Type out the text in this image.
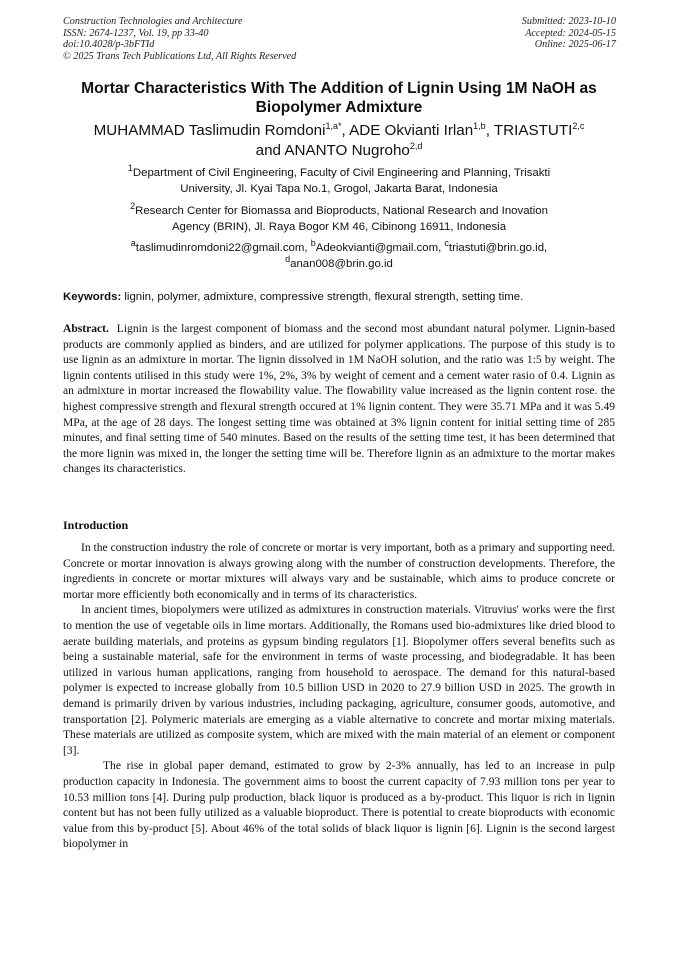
Construction Technologies and Architecture
ISSN: 2674-1237, Vol. 19, pp 33-40
doi:10.4028/p-3bFTId
© 2025 Trans Tech Publications Ltd, All Rights Reserved
Submitted: 2023-10-10
Accepted: 2024-05-15
Online: 2025-06-17
Mortar Characteristics With The Addition of Lignin Using 1M NaOH as
Biopolymer Admixture
MUHAMMAD Taslimudin Romdoni$^{1,a*}$, ADE Okvianti Irlan$^{1,b}$, TRIASTUTI$^{2,c}$
and ANANTO Nugroho$^{2,d}$
$^1$Department of Civil Engineering, Faculty of Civil Engineering and Planning, Trisakti
University, Jl. Kyai Tapa No.1, Grogol, Jakarta Barat, Indonesia
$^2$Research Center for Biomassa and Bioproducts, National Research and Inovation
Agency (BRIN), Jl. Raya Bogor KM 46, Cibinong 16911, Indonesia
$^a$taslimudinromdoni22@gmail.com, $^b$Adeokvianti@gmail.com, $^c$triastuti@brin.go.id,
$^d$anan008@brin.go.id
Keywords: lignin, polymer, admixture, compressive strength, flexural strength, setting time.
Abstract. Lignin is the largest component of biomass and the second most abundant natural polymer. Lignin-based products are commonly applied as binders, and are utilized for polymer applications. The purpose of this study is to use lignin as an admixture in mortar. The lignin dissolved in 1M NaOH solution, and the ratio was 1:5 by weight. The lignin contents utilised in this study were 1%, 2%, 3% by weight of cement and a cement water rasio of 0.4. Lignin as an admixture in mortar increased the flowability value. The flowability value increased as the lignin content rose. the highest compressive strength and flexural strength occured at 1% lignin content. They were 35.71 MPa and it was 5.49 MPa, at the age of 28 days. The longest setting time was obtained at 3% lignin content for initial setting time of 285 minutes, and final setting time of 540 minutes. Based on the results of the setting time test, it has been determined that the more lignin was mixed in, the longer the setting time will be. Therefore lignin as an admixture to the mortar makes changes its characteristics.
Introduction

In the construction industry the role of concrete or mortar is very important, both as a primary and supporting need. Concrete or mortar innovation is always growing along with the number of construction developments. Therefore, the ingredients in concrete or mortar mixtures will always vary and be sustainable, which aims to produce concrete or mortar more efficiently both economically and in terms of its characteristics.

In ancient times, biopolymers were utilized as admixtures in construction materials. Vitruvius' works were the first to mention the use of vegetable oils in lime mortars. Additionally, the Romans used bio-admixtures like dried blood to aerate building materials, and proteins as gypsum binding regulators [1]. Biopolymer offers several benefits such as being a sustainable material, safe for the environment in terms of waste processing, and biodegradable. It has been utilized in various human applications, ranging from household to aerospace. The demand for this natural-based polymer is expected to increase globally from 10.5 billion USD in 2020 to 27.9 billion USD in 2025. The growth in demand is primarily driven by various industries, including packaging, agriculture, consumer goods, automotive, and transportation [2]. Polymeric materials are emerging as a viable alternative to concrete and mortar mixing materials. These materials are utilized as composite system, which are mixed with the main material of an element or component [3].

The rise in global paper demand, estimated to grow by 2-3% annually, has led to an increase in pulp production capacity in Indonesia. The government aims to boost the current capacity of 7.93 million tons per year to 10.53 million tons [4]. During pulp production, black liquor is produced as a by-product. This liquor is rich in lignin content but has not been fully utilized as a valuable bioproduct. There is potential to create bioproducts with economic value from this by-product [5]. About 46% of the total solids of black liquor is lignin [6]. Lignin is the second largest biopolymer in
